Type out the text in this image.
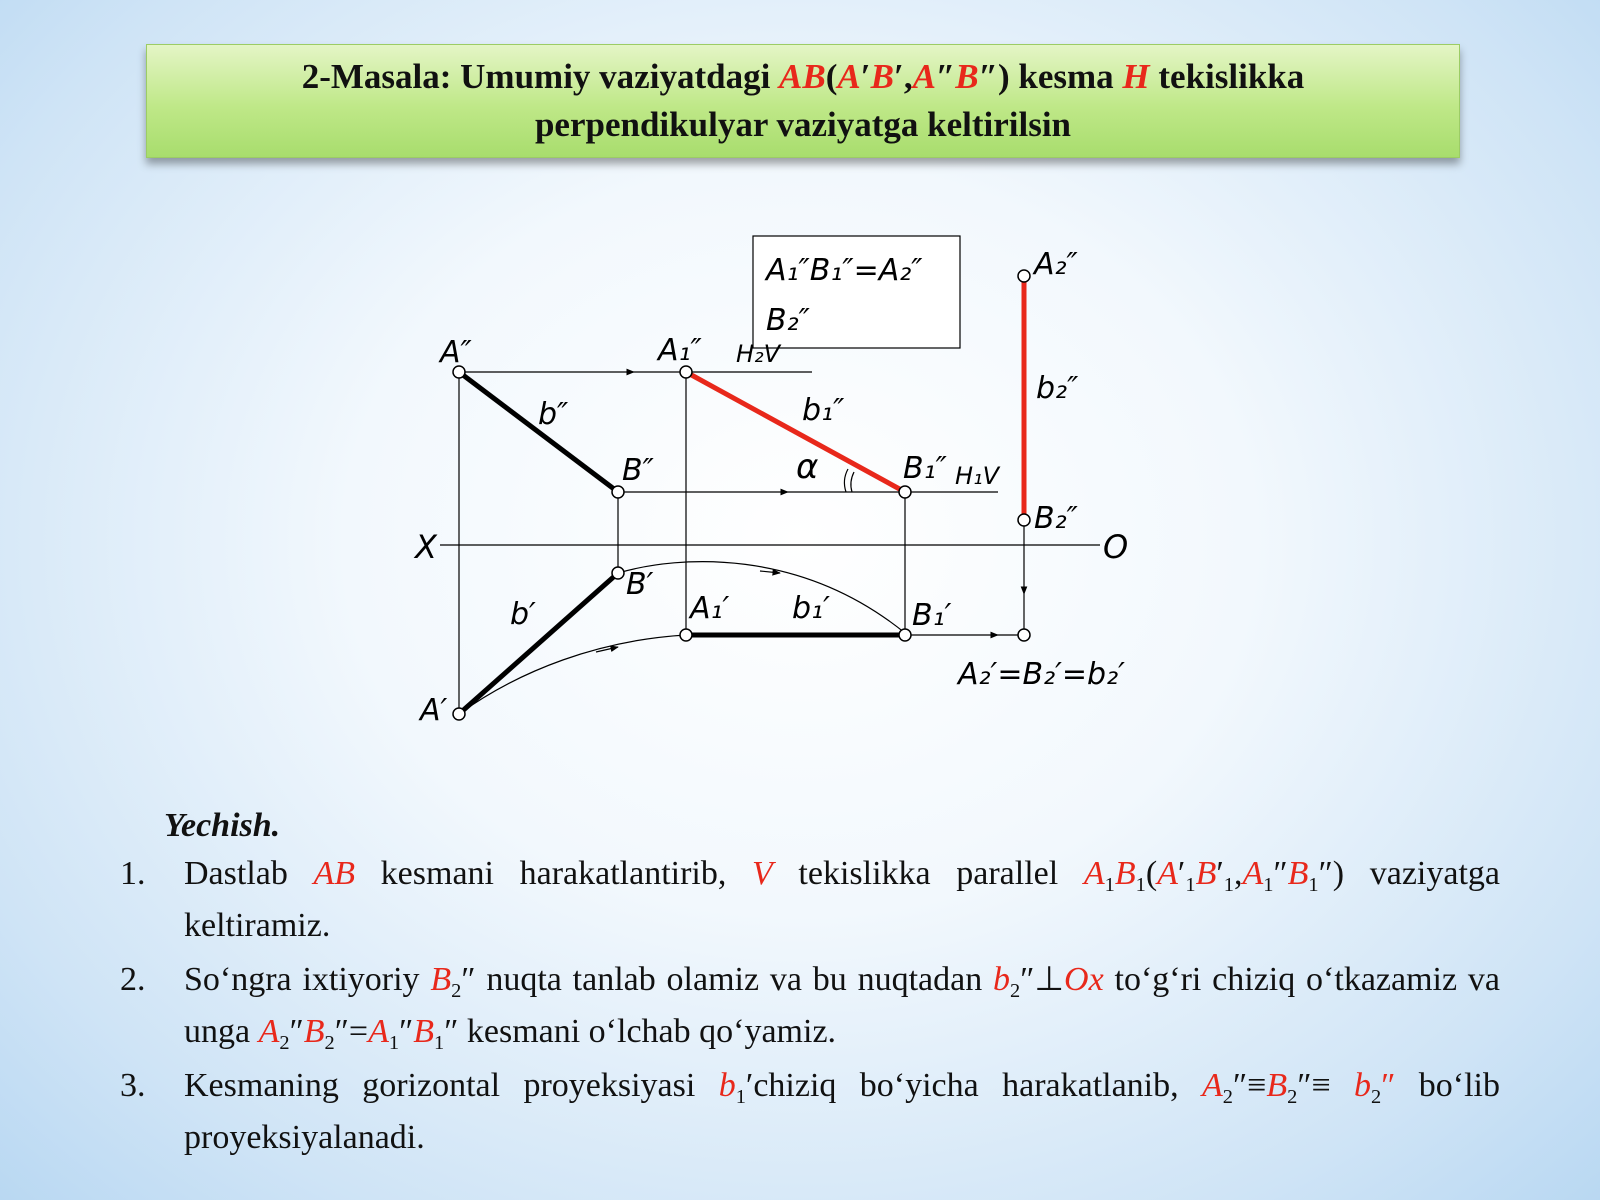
2-Masala: Umumiy vaziyatdagi AB(A′B′,A″B″) kesma H tekislikka
perpendikulyar vaziyatga keltirilsin
A₁″B₁″=A₂″
B₂″
X	O
A″
B″
A₁″
B₁″
A₂″
B₂″
b″	b₁″
b₂″
α
B′
A′
A₁′	B₁′
b′	b₁′
A₂′=B₂′=b₂′
H₂V
H₁V
Yechish.
1.	Dastlab AB kesmani harakatlantirib, V tekislikka parallel $A_1B_1(A'_1B'_1,A_1''B_1'')$ vaziyatga keltiramiz.
2.	So‘ngra ixtiyoriy $B_2''$ nuqta tanlab olamiz va bu nuqtadan $b_2''\perp Ox$ to‘g‘ri chiziq o‘tkazamiz va unga $A_2''B_2''=A_1''B_1''$ kesmani o‘lchab qo‘yamiz.
3.	Kesmaning gorizontal proyeksiyasi $b_1'chiziq$ bo‘yicha harakatlanib, $A_2''\equiv B_2''\equiv b_2''$ bo‘lib proyeksiyalanadi.
